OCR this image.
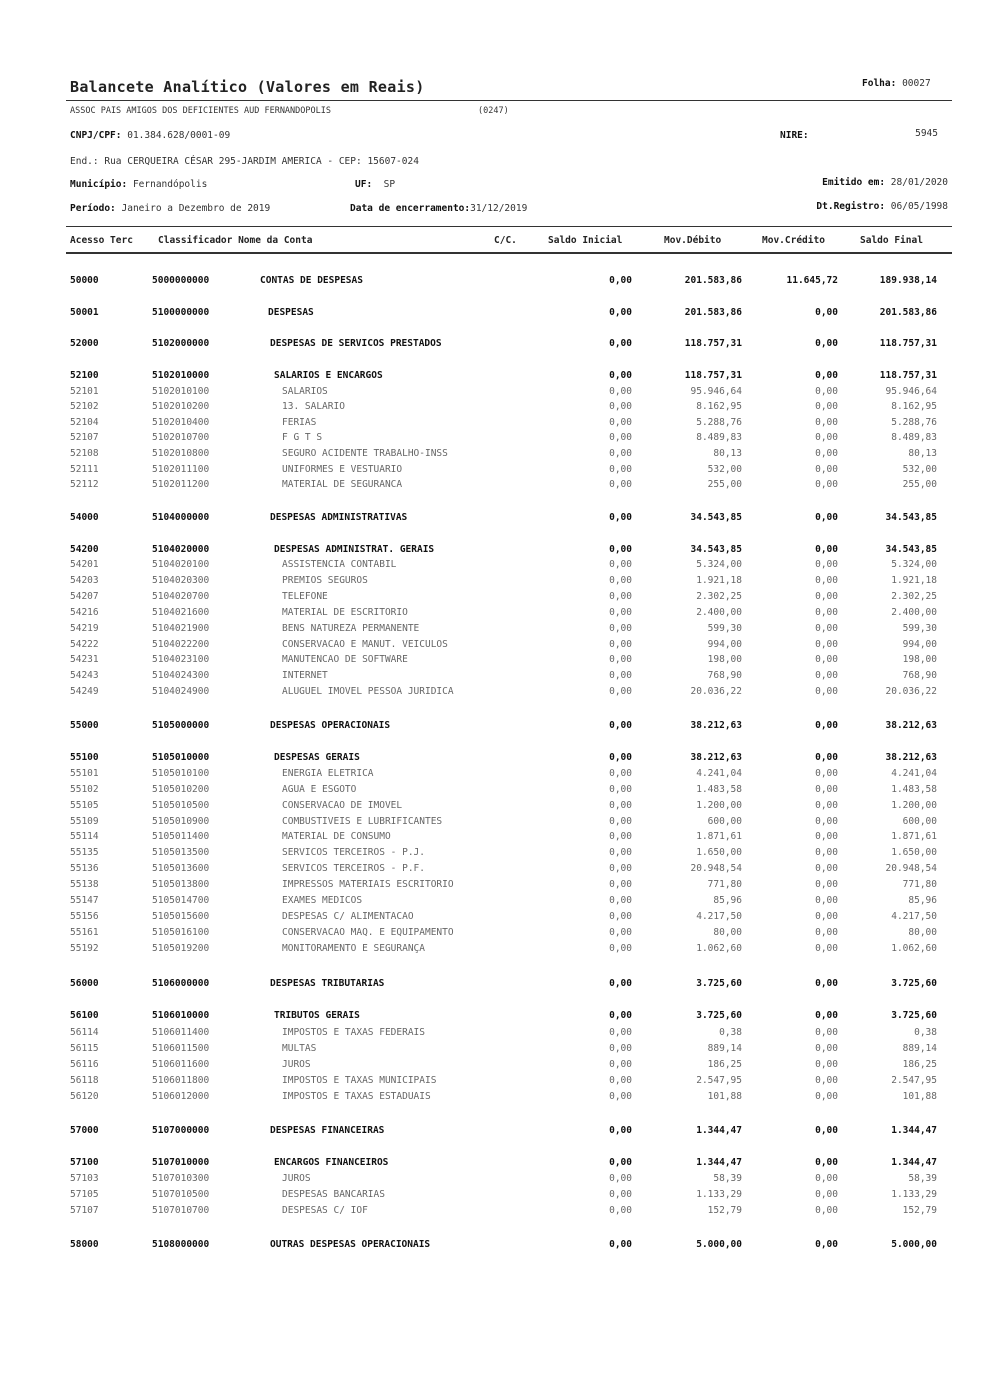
Balancete Analítico (Valores em Reais)	Folha: 00027
ASSOC PAIS AMIGOS DOS DEFICIENTES AUD FERNANDOPOLIS	(0247)
CNPJ/CPF: 01.384.628/0001-09	NIRE:	5945
End.: Rua CERQUEIRA CÉSAR 295-JARDIM AMERICA - CEP: 15607-024
Município: Fernandópolis	UF: SP	Emitido em: 28/01/2020
Período: Janeiro a Dezembro de 2019	Data de encerramento:31/12/2019	Dt.Registro: 06/05/1998
Acesso Terc	Classificador Nome da Conta	C/C.	Saldo Inicial	Mov.Débito	Mov.Crédito	Saldo Final
50000	5000000000	CONTAS DE DESPESAS	0,00	201.583,86	11.645,72	189.938,14
50001	5100000000	DESPESAS	0,00	201.583,86	0,00	201.583,86
52000	5102000000	DESPESAS DE SERVICOS PRESTADOS	0,00	118.757,31	0,00	118.757,31
52100	5102010000	SALARIOS E ENCARGOS	0,00	118.757,31	0,00	118.757,31
52101	5102010100	SALARIOS	0,00	95.946,64	0,00	95.946,64
52102	5102010200	13. SALARIO	0,00	8.162,95	0,00	8.162,95
52104	5102010400	FERIAS	0,00	5.288,76	0,00	5.288,76
52107	5102010700	F G T S	0,00	8.489,83	0,00	8.489,83
52108	5102010800	SEGURO ACIDENTE TRABALHO-INSS	0,00	80,13	0,00	80,13
52111	5102011100	UNIFORMES E VESTUARIO	0,00	532,00	0,00	532,00
52112	5102011200	MATERIAL DE SEGURANCA	0,00	255,00	0,00	255,00
54000	5104000000	DESPESAS ADMINISTRATIVAS	0,00	34.543,85	0,00	34.543,85
54200	5104020000	DESPESAS ADMINISTRAT. GERAIS	0,00	34.543,85	0,00	34.543,85
54201	5104020100	ASSISTENCIA CONTABIL	0,00	5.324,00	0,00	5.324,00
54203	5104020300	PREMIOS SEGUROS	0,00	1.921,18	0,00	1.921,18
54207	5104020700	TELEFONE	0,00	2.302,25	0,00	2.302,25
54216	5104021600	MATERIAL DE ESCRITORIO	0,00	2.400,00	0,00	2.400,00
54219	5104021900	BENS NATUREZA PERMANENTE	0,00	599,30	0,00	599,30
54222	5104022200	CONSERVACAO E MANUT. VEICULOS	0,00	994,00	0,00	994,00
54231	5104023100	MANUTENCAO DE SOFTWARE	0,00	198,00	0,00	198,00
54243	5104024300	INTERNET	0,00	768,90	0,00	768,90
54249	5104024900	ALUGUEL IMOVEL PESSOA JURIDICA	0,00	20.036,22	0,00	20.036,22
55000	5105000000	DESPESAS OPERACIONAIS	0,00	38.212,63	0,00	38.212,63
55100	5105010000	DESPESAS GERAIS	0,00	38.212,63	0,00	38.212,63
55101	5105010100	ENERGIA ELETRICA	0,00	4.241,04	0,00	4.241,04
55102	5105010200	AGUA E ESGOTO	0,00	1.483,58	0,00	1.483,58
55105	5105010500	CONSERVACAO DE IMOVEL	0,00	1.200,00	0,00	1.200,00
55109	5105010900	COMBUSTIVEIS E LUBRIFICANTES	0,00	600,00	0,00	600,00
55114	5105011400	MATERIAL DE CONSUMO	0,00	1.871,61	0,00	1.871,61
55135	5105013500	SERVICOS TERCEIROS - P.J.	0,00	1.650,00	0,00	1.650,00
55136	5105013600	SERVICOS TERCEIROS - P.F.	0,00	20.948,54	0,00	20.948,54
55138	5105013800	IMPRESSOS MATERIAIS ESCRITORIO	0,00	771,80	0,00	771,80
55147	5105014700	EXAMES MEDICOS	0,00	85,96	0,00	85,96
55156	5105015600	DESPESAS C/ ALIMENTACAO	0,00	4.217,50	0,00	4.217,50
55161	5105016100	CONSERVACAO MAQ. E EQUIPAMENTO	0,00	80,00	0,00	80,00
55192	5105019200	MONITORAMENTO E SEGURANÇA	0,00	1.062,60	0,00	1.062,60
56000	5106000000	DESPESAS TRIBUTARIAS	0,00	3.725,60	0,00	3.725,60
56100	5106010000	TRIBUTOS GERAIS	0,00	3.725,60	0,00	3.725,60
56114	5106011400	IMPOSTOS E TAXAS FEDERAIS	0,00	0,38	0,00	0,38
56115	5106011500	MULTAS	0,00	889,14	0,00	889,14
56116	5106011600	JUROS	0,00	186,25	0,00	186,25
56118	5106011800	IMPOSTOS E TAXAS MUNICIPAIS	0,00	2.547,95	0,00	2.547,95
56120	5106012000	IMPOSTOS E TAXAS ESTADUAIS	0,00	101,88	0,00	101,88
57000	5107000000	DESPESAS FINANCEIRAS	0,00	1.344,47	0,00	1.344,47
57100	5107010000	ENCARGOS FINANCEIROS	0,00	1.344,47	0,00	1.344,47
57103	5107010300	JUROS	0,00	58,39	0,00	58,39
57105	5107010500	DESPESAS BANCARIAS	0,00	1.133,29	0,00	1.133,29
57107	5107010700	DESPESAS C/ IOF	0,00	152,79	0,00	152,79
58000	5108000000	OUTRAS DESPESAS OPERACIONAIS	0,00	5.000,00	0,00	5.000,00
